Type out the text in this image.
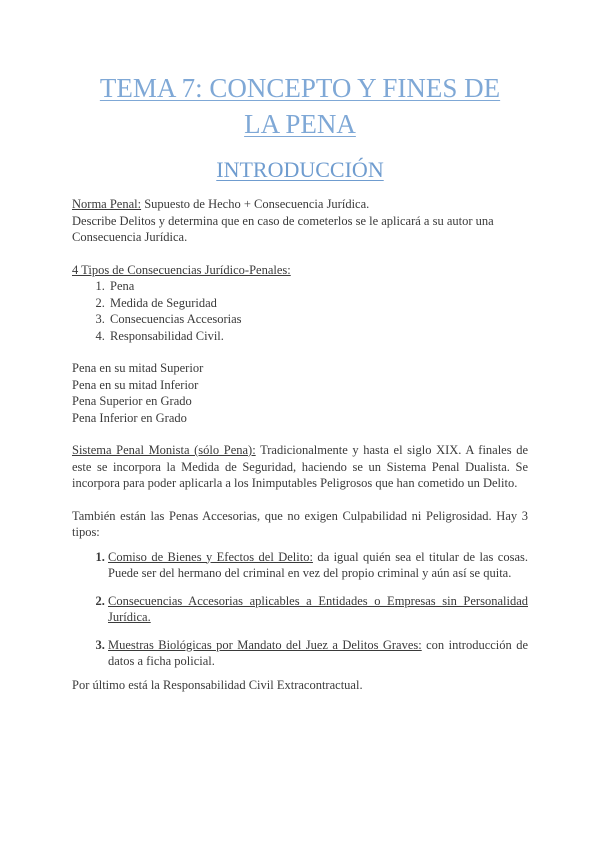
TEMA 7: CONCEPTO Y FINES DE
LA PENA
INTRODUCCIÓN

Norma Penal: Supuesto de Hecho + Consecuencia Jurídica.

Describe Delitos y determina que en caso de cometerlos se le aplicará a su autor una Consecuencia Jurídica.

4 Tipos de Consecuencias Jurídico-Penales:

1. Pena
2. Medida de Seguridad
3. Consecuencias Accesorias
4. Responsabilidad Civil.

Pena en su mitad Superior

Pena en su mitad Inferior

Pena Superior en Grado

Pena Inferior en Grado

Sistema Penal Monista (sólo Pena): Tradicionalmente y hasta el siglo XIX. A finales de este se incorpora la Medida de Seguridad, haciendo se un Sistema Penal Dualista. Se incorpora para poder aplicarla a los Inimputables Peligrosos que han cometido un Delito.

También están las Penas Accesorias, que no exigen Culpabilidad ni Peligrosidad. Hay 3 tipos:

1. Comiso de Bienes y Efectos del Delito: da igual quién sea el titular de las cosas. Puede ser del hermano del criminal en vez del propio criminal y aún así se quita.
2. Consecuencias Accesorias aplicables a Entidades o Empresas sin Personalidad Jurídica.
3. Muestras Biológicas por Mandato del Juez a Delitos Graves: con introducción de datos a ficha policial.

Por último está la Responsabilidad Civil Extracontractual.
